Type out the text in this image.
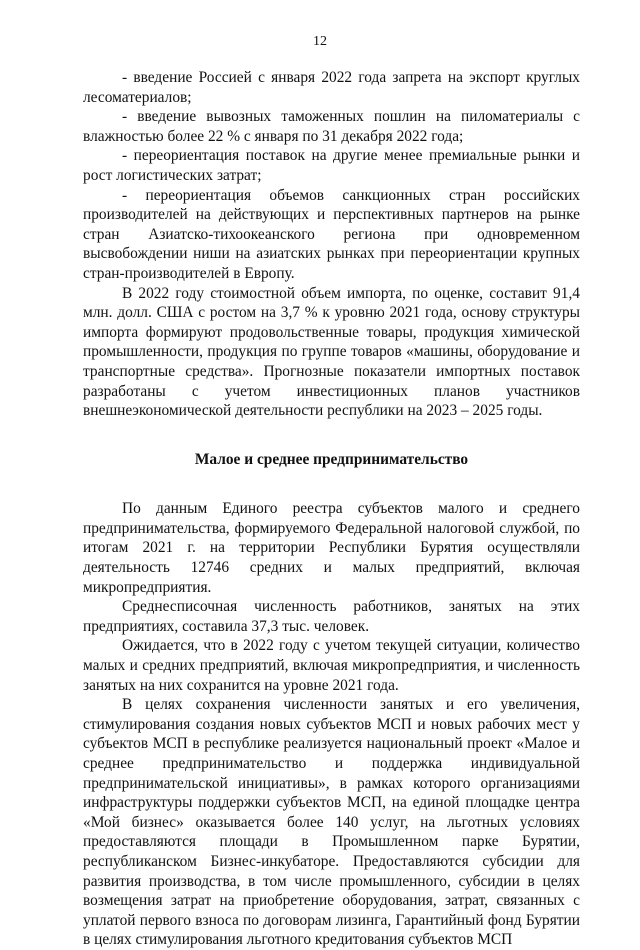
12

- введение Россией с января 2022 года запрета на экспорт круглых лесоматериалов;

- введение вывозных таможенных пошлин на пиломатериалы с влажностью более 22 % с января по 31 декабря 2022 года;

- переориентация поставок на другие менее премиальные рынки и рост логистических затрат;

- переориентация объемов санкционных стран российских производителей на действующих и перспективных партнеров на рынке стран Азиатско-тихоокеанского региона при одновременном высвобождении ниши на азиатских рынках при переориентации крупных стран-производителей в Европу.

В 2022 году стоимостной объем импорта, по оценке, составит 91,4 млн. долл. США с ростом на 3,7 % к уровню 2021 года, основу структуры импорта формируют продовольственные товары, продукция химической промышленности, продукция по группе товаров «машины, оборудование и транспортные средства». Прогнозные показатели импортных поставок разработаны с учетом инвестиционных планов участников внешнеэкономической деятельности республики на 2023 – 2025 годы.

Малое и среднее предпринимательство

По данным Единого реестра субъектов малого и среднего предпринимательства, формируемого Федеральной налоговой службой, по итогам 2021 г. на территории Республики Бурятия осуществляли деятельность 12746 средних и малых предприятий, включая микропредприятия.

Среднесписочная численность работников, занятых на этих предприятиях, составила 37,3 тыс. человек.

Ожидается, что в 2022 году с учетом текущей ситуации, количество малых и средних предприятий, включая микропредприятия, и численность занятых на них сохранится на уровне 2021 года.

В целях сохранения численности занятых и его увеличения, стимулирования создания новых субъектов МСП и новых рабочих мест у субъектов МСП в республике реализуется национальный проект «Малое и среднее предпринимательство и поддержка индивидуальной предпринимательской инициативы», в рамках которого организациями инфраструктуры поддержки субъектов МСП, на единой площадке центра «Мой бизнес» оказывается более 140 услуг, на льготных условиях предоставляются площади в Промышленном парке Бурятии, республиканском Бизнес-инкубаторе. Предоставляются субсидии для развития производства, в том числе промышленного, субсидии в целях возмещения затрат на приобретение оборудования, затрат, связанных с уплатой первого взноса по договорам лизинга, Гарантийный фонд Бурятии в целях стимулирования льготного кредитования субъектов МСП
